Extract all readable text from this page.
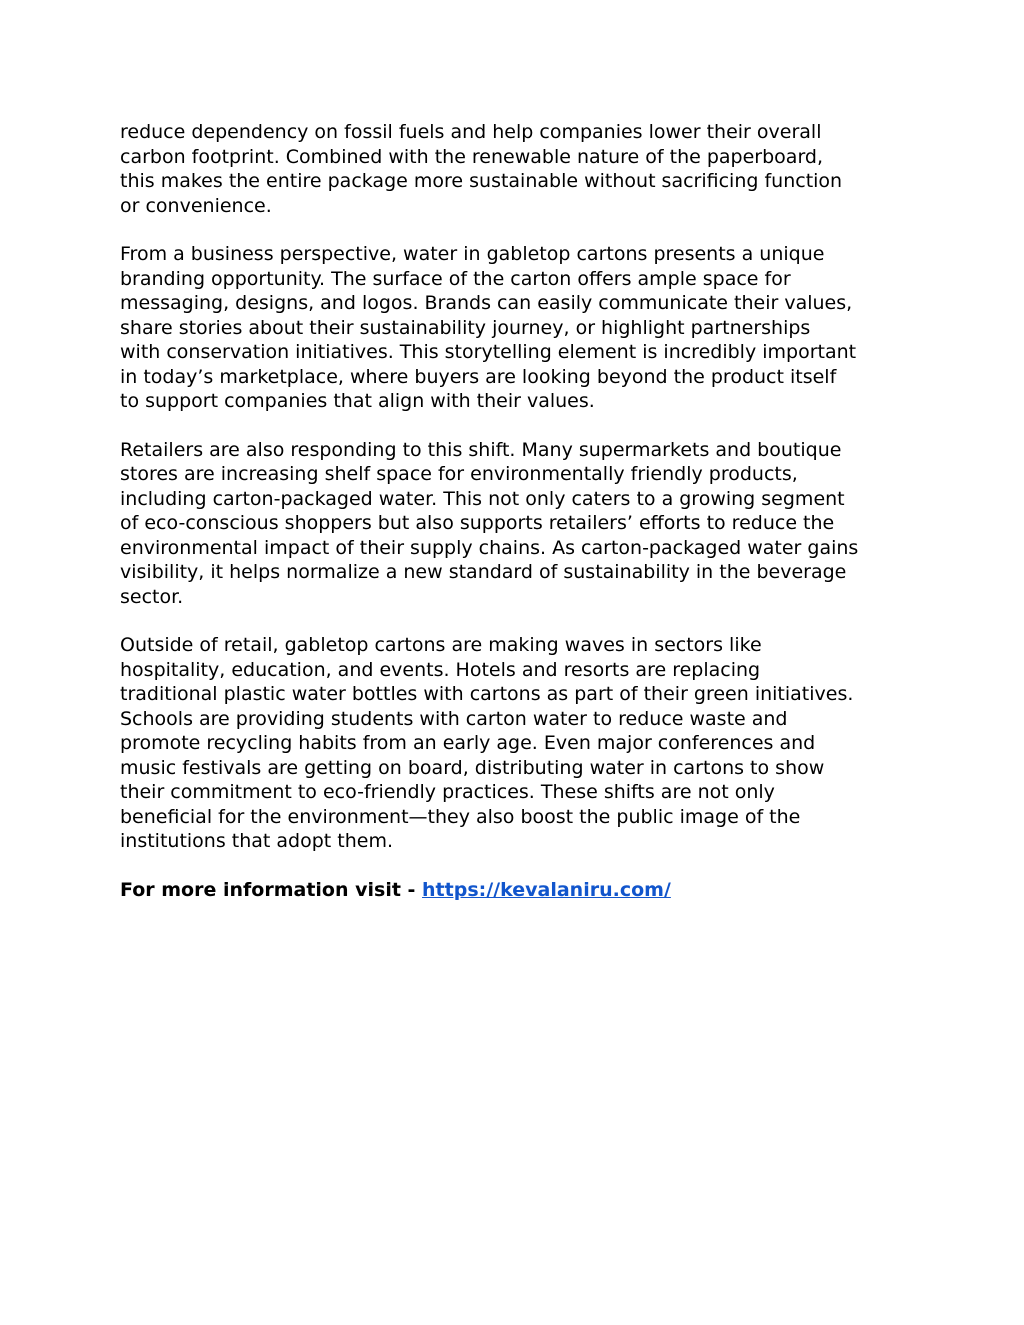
reduce dependency on fossil fuels and help companies lower their overall
carbon footprint. Combined with the renewable nature of the paperboard,
this makes the entire package more sustainable without sacrificing function
or convenience.
From a business perspective, water in gabletop cartons presents a unique
branding opportunity. The surface of the carton offers ample space for
messaging, designs, and logos. Brands can easily communicate their values,
share stories about their sustainability journey, or highlight partnerships
with conservation initiatives. This storytelling element is incredibly important
in today’s marketplace, where buyers are looking beyond the product itself
to support companies that align with their values.
Retailers are also responding to this shift. Many supermarkets and boutique
stores are increasing shelf space for environmentally friendly products,
including carton-packaged water. This not only caters to a growing segment
of eco-conscious shoppers but also supports retailers’ efforts to reduce the
environmental impact of their supply chains. As carton-packaged water gains
visibility, it helps normalize a new standard of sustainability in the beverage
sector.
Outside of retail, gabletop cartons are making waves in sectors like
hospitality, education, and events. Hotels and resorts are replacing
traditional plastic water bottles with cartons as part of their green initiatives.
Schools are providing students with carton water to reduce waste and
promote recycling habits from an early age. Even major conferences and
music festivals are getting on board, distributing water in cartons to show
their commitment to eco-friendly practices. These shifts are not only
beneficial for the environment—they also boost the public image of the
institutions that adopt them.

For more information visit - https://kevalaniru.com/
